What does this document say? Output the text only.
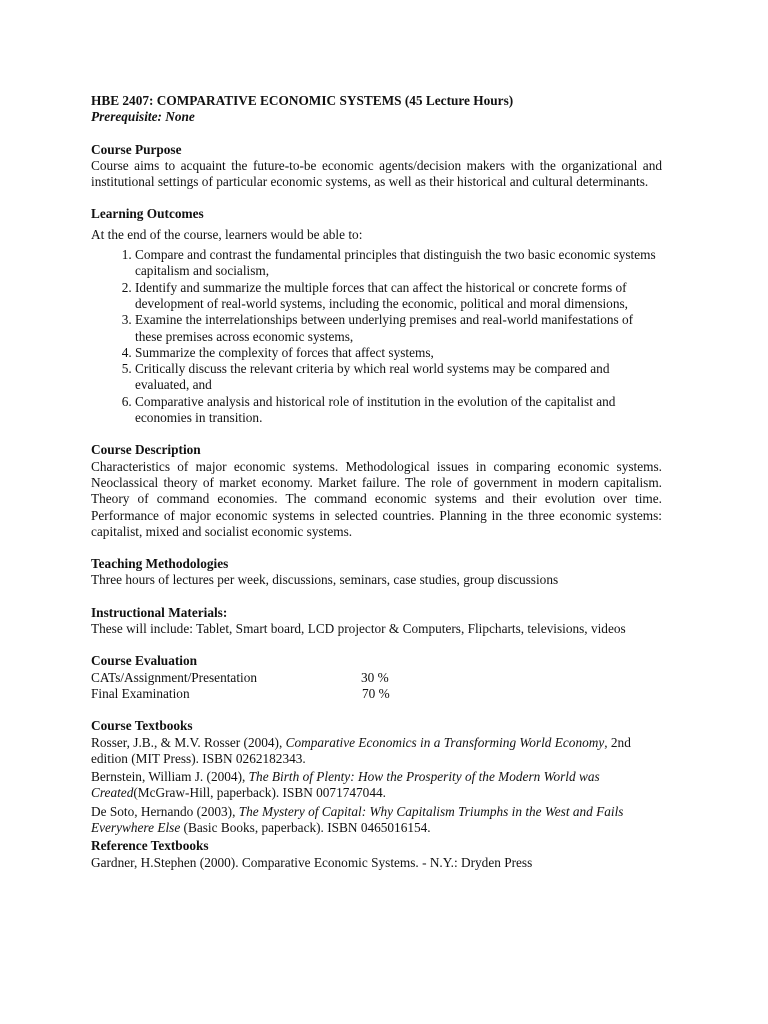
HBE 2407: COMPARATIVE ECONOMIC SYSTEMS (45 Lecture Hours)

Prerequisite: None

Course Purpose

Course aims to acquaint the future-to-be economic agents/decision makers with the organizational and institutional settings of particular economic systems, as well as their historical and cultural determinants.

Learning Outcomes

At the end of the course, learners would be able to:

1. Compare and contrast the fundamental principles that distinguish the two basic economic systems capitalism and socialism,
2. Identify and summarize the multiple forces that can affect the historical or concrete forms of development of real-world systems, including the economic, political and moral dimensions,
3. Examine the interrelationships between underlying premises and real-world manifestations of these premises across economic systems,
4. Summarize the complexity of forces that affect systems,
5. Critically discuss the relevant criteria by which real world systems may be compared and evaluated, and
6. Comparative analysis and historical role of institution in the evolution of the capitalist and economies in transition.

Course Description

Characteristics of major economic systems. Methodological issues in comparing economic systems. Neoclassical theory of market economy. Market failure. The role of government in modern capitalism. Theory of command economies. The command economic systems and their evolution over time. Performance of major economic systems in selected countries. Planning in the three economic systems: capitalist, mixed and socialist economic systems.

Teaching Methodologies

Three hours of lectures per week, discussions, seminars, case studies, group discussions

Instructional Materials:

These will include: Tablet, Smart board, LCD projector & Computers, Flipcharts, televisions, videos

Course Evaluation

CATs/Assignment/Presentation	30 %
Final Examination	70 %

Course Textbooks

Rosser, J.B., & M.V. Rosser (2004), Comparative Economics in a Transforming World Economy, 2nd edition (MIT Press). ISBN 0262182343.

Bernstein, William J. (2004), The Birth of Plenty: How the Prosperity of the Modern World was Created(McGraw-Hill, paperback). ISBN 0071747044.

De Soto, Hernando (2003), The Mystery of Capital: Why Capitalism Triumphs in the West and Fails Everywhere Else (Basic Books, paperback). ISBN 0465016154.

Reference Textbooks

Gardner, H.Stephen (2000). Comparative Economic Systems. - N.Y.: Dryden Press
